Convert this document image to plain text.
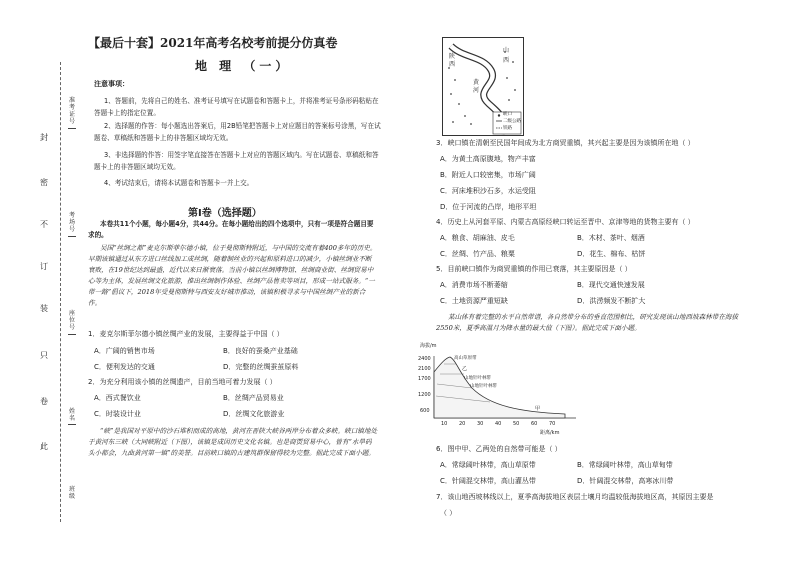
封
密
不
订
装
只
卷
此
准考证号
考场号
座位号
姓名
班级
【最后十套】2021年高考名校考前提分仿真卷
地 理 （一）
注意事项：
1、答题前，先将自己的姓名、准考证号填写在试题卷和答题卡上，并将准考证号条形码粘贴在答题卡上的指定位置。
2、选择题的作答：每小题选出答案后，用2B铅笔把答题卡上对应题目的答案标号涂黑，写在试题卷、草稿纸和答题卡上的非答题区域均无效。
3、非选择题的作答：用签字笔直接答在答题卡上对应的答题区域内。写在试题卷、草稿纸和答题卡上的非答题区域均无效。
4、考试结束后，请将本试题卷和答题卡一并上交。
第Ⅰ卷（选择题）
本卷共11个小题，每小题4分，共44分。在每小题给出的四个选项中，只有一项是符合题目要求的。
吴国“丝绸之都”麦克尔斯菲尔德小镇，位于曼彻斯特附近，与中国的交流有着400多年的历史。早期该镇通过从东方进口丝线加工成丝绸，随着制丝业的兴起和原料进口的减少，小镇丝绸业不断衰败，在19世纪达到最盛，近代以来日渐衰落。当前小镇以丝绸博物馆、丝绸商业街、丝绸贸易中心等为主体，发展丝绸文化旅游，推出丝绸制作体验、丝绸产品售卖等项目，形成一站式服务。“一带一路”倡议下，2018年受曼彻斯特与西安友好城市推动，该镇积极寻求与中国丝绸产业的新合作。
1．麦克尔斯菲尔德小镇丝绸产业的发展，主要得益于中国（ ）
A．广阔的销售市场	B．良好的蚕桑产业基础
C．便利发达的交通	D．完整的丝绸蚕茧原料
2．为充分利用该小镇的丝绸遗产，目前当地可着力发展（ ）
A．西式餐饮业	B．丝绸产品贸易业
C．时装设计业	D．丝绸文化旅游业
“峡”是我国对平原中的沙石堆积而成的高地，黄河在晋陕大峡谷两岸分布着众多峡。峡口镇地处于黄河东三峡（大同峡附近（下图），该镇是成因历史文化名镇。也是商贾贸易中心，曾有“水旱码头小都会，九曲黄河第一镇”的美誉。目前峡口镇的古建筑群保留得较为完整。据此完成下面小题。
山
西
黄
河
陕
西
峡口
二级公路
铁路
3．峡口镇在清朝至民国年间成为北方商贸重镇，其兴起主要是因为该镇所在地（ ）
A．为黄土高原腹地，物产丰富
B．附近人口较密集，市场广阔
C．河床堆积沙石多，水运受阻
D．位于河流的凸岸，地形平坦
4．历史上从河套平原、内蒙古高原经峡口转运至晋中、京津等地的货物主要有（ ）
A．粮食、胡麻油、皮毛	B．木材、茶叶、烟酒
C．丝绸、竹产品、粮粟	D．花生、棉布、枯饼
5．目前峡口镇作为商贸重镇的作用已衰落，其主要原因是（ ）
A．消费市场不断萎缩	B．现代交通快速发展
C．土地资源严重短缺	D．洪涝频发不断扩大
某山体有着完整的水平自然带谱，各自然带分布的垂直范围相比，研究发现该山地西坡森林带在海拔2550米，夏季高温月为降水量的最大值（下图）。据此完成下面小题。
海拔/m
2400
2100
1700
1200
600
10 20 30 40 50 60 70
距离/km
高山草原带
乙
山地针叶林带
山地针叶林带
甲
6．图中甲、乙两处的自然带可能是（ ）
A．常绿阔叶林带，高山草原带	B．常绿阔叶林带，高山草甸带
C．针阔混交林带，高山灌丛带	D．针阔混交林带，高寒冰川带
7．该山地西坡林线以上，夏季高海拔地区表层土壤月均温较低海拔地区高，其原因主要是
（ ）
